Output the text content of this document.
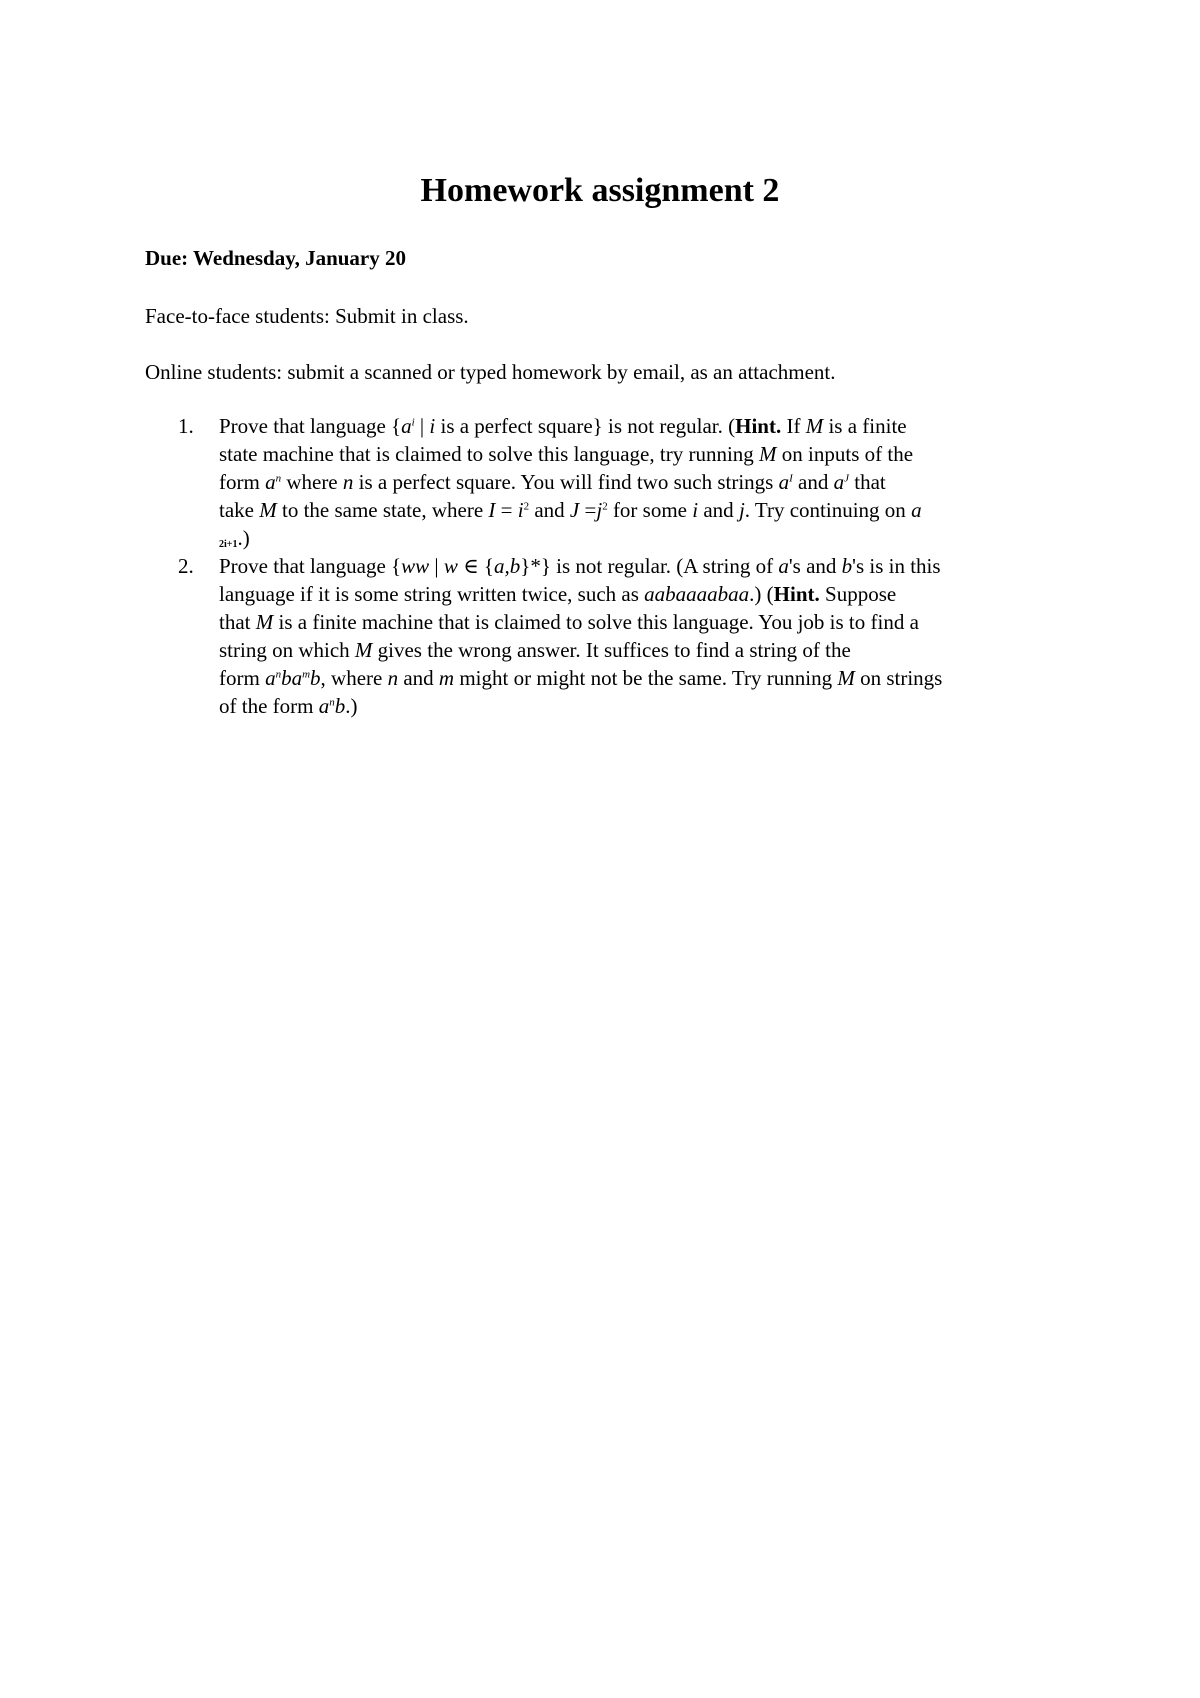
Homework assignment 2

Due: Wednesday, January 20

Face-to-face students: Submit in class.

Online students: submit a scanned or typed homework by email, as an attachment.

1. Prove that language {$a^i$ | i is a perfect square} is not regular. (Hint. If M is a finite
state machine that is claimed to solve this language, try running M on inputs of the
form $a^n$ where n is a perfect square. You will find two such strings $a^I$ and $a^J$ that
take M to the same state, where $I = i^2$ and $J =j^2$ for some i and j. Try continuing on a
2i+1.)
2. Prove that language {ww | w ∈ {a,b}*} is not regular. (A string of a's and b's is in this
language if it is some string written twice, such as aabaaaabaa.) (Hint. Suppose
that M is a finite machine that is claimed to solve this language. You job is to find a
string on which M gives the wrong answer. It suffices to find a string of the
form $a^nba^mb$, where n and m might or might not be the same. Try running M on strings
of the form $a^nb$.)
